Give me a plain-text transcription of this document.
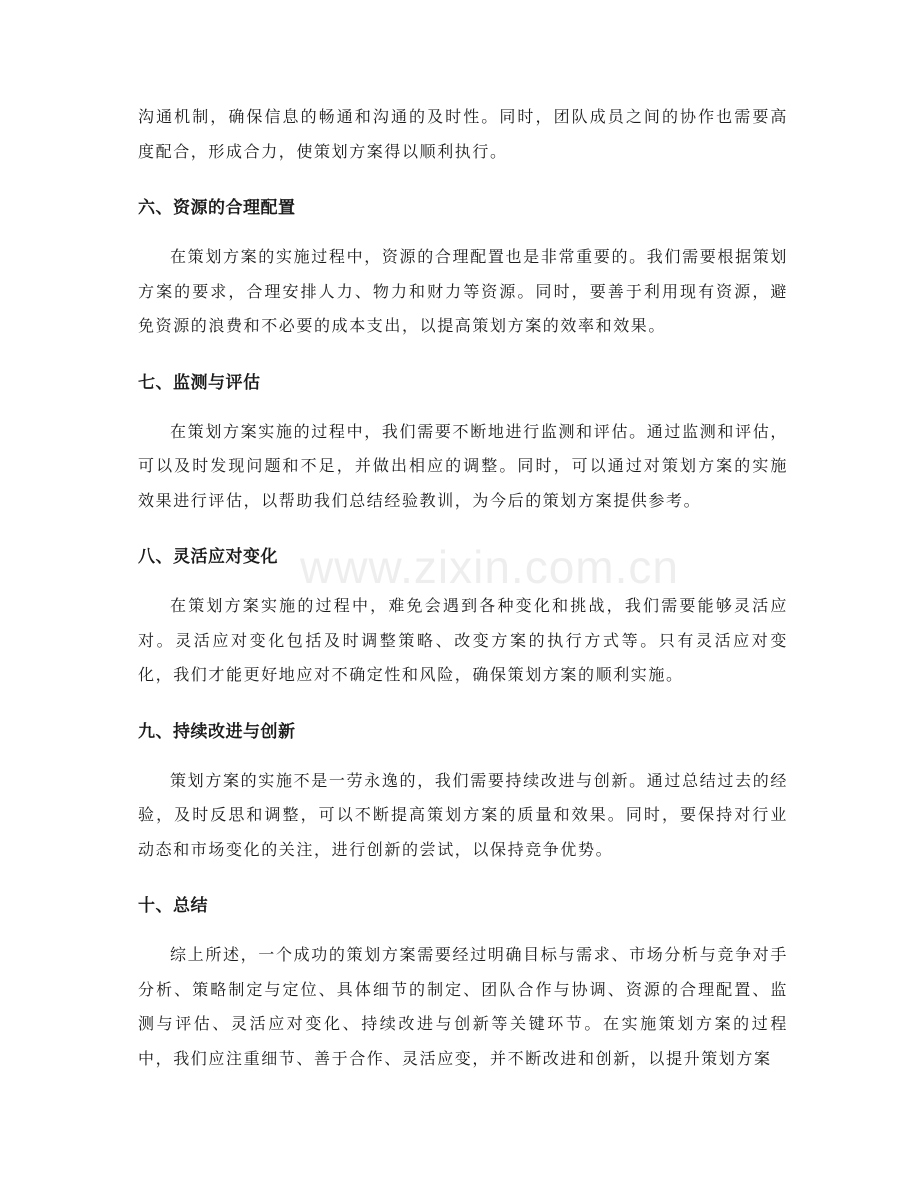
www.zixin.com.cn

沟通机制，确保信息的畅通和沟通的及时性。同时，团队成员之间的协作也需要高度配合，形成合力，使策划方案得以顺利执行。

六、资源的合理配置

在策划方案的实施过程中，资源的合理配置也是非常重要的。我们需要根据策划方案的要求，合理安排人力、物力和财力等资源。同时，要善于利用现有资源，避免资源的浪费和不必要的成本支出，以提高策划方案的效率和效果。

七、监测与评估

在策划方案实施的过程中，我们需要不断地进行监测和评估。通过监测和评估，可以及时发现问题和不足，并做出相应的调整。同时，可以通过对策划方案的实施效果进行评估，以帮助我们总结经验教训，为今后的策划方案提供参考。

八、灵活应对变化

在策划方案实施的过程中，难免会遇到各种变化和挑战，我们需要能够灵活应对。灵活应对变化包括及时调整策略、改变方案的执行方式等。只有灵活应对变化，我们才能更好地应对不确定性和风险，确保策划方案的顺利实施。

九、持续改进与创新

策划方案的实施不是一劳永逸的，我们需要持续改进与创新。通过总结过去的经验，及时反思和调整，可以不断提高策划方案的质量和效果。同时，要保持对行业动态和市场变化的关注，进行创新的尝试，以保持竞争优势。

十、总结

综上所述，一个成功的策划方案需要经过明确目标与需求、市场分析与竞争对手分析、策略制定与定位、具体细节的制定、团队合作与协调、资源的合理配置、监测与评估、灵活应对变化、持续改进与创新等关键环节。在实施策划方案的过程中，我们应注重细节、善于合作、灵活应变，并不断改进和创新，以提升策划方案
